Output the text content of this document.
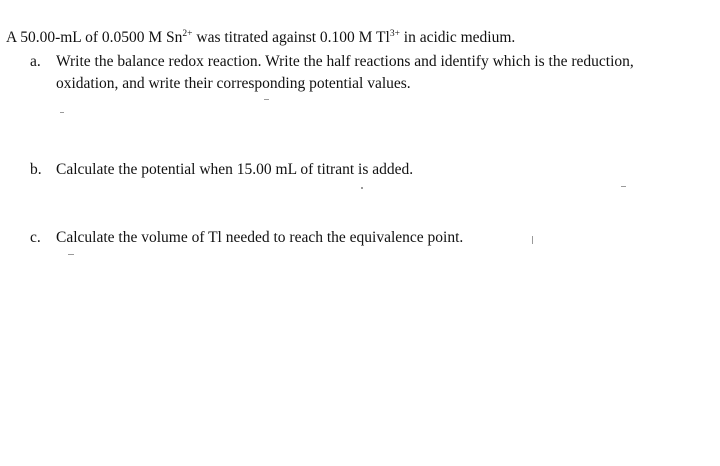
A 50.00-mL of 0.0500 M $Sn^{2+}$ was titrated against 0.100 M $Tl^{3+}$ in acidic medium.
a. Write the balance redox reaction. Write the half reactions and identify which is the reduction,
oxidation, and write their corresponding potential values.
b. Calculate the potential when 15.00 mL of titrant is added.
c. Calculate the volume of Tl needed to reach the equivalence point.
